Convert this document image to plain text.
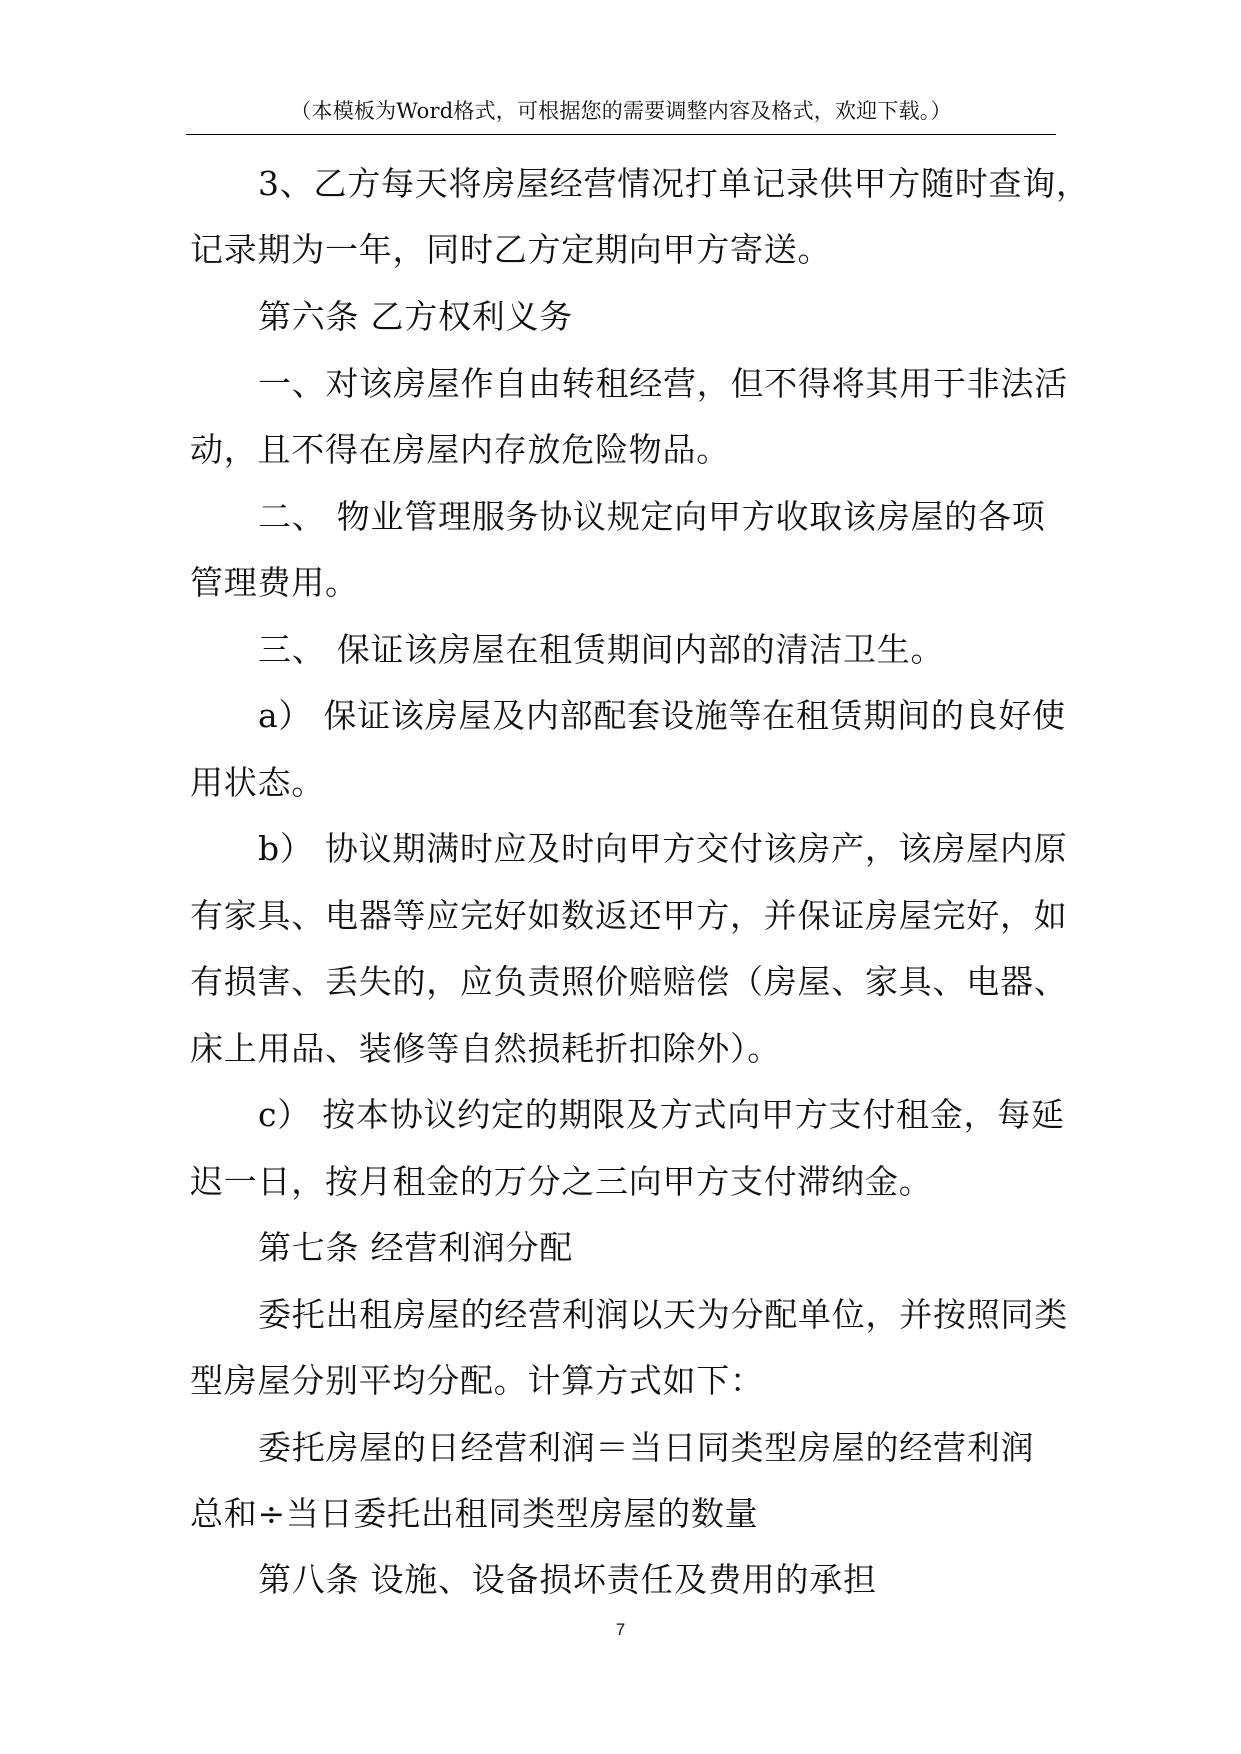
（本模板为Word格式，可根据您的需要调整内容及格式，欢迎下载。）
3、乙方每天将房屋经营情况打单记录供甲方随时查询，
记录期为一年，同时乙方定期向甲方寄送。
第六条 乙方权利义务
一、对该房屋作自由转租经营，但不得将其用于非法活
动，且不得在房屋内存放危险物品。
二、 物业管理服务协议规定向甲方收取该房屋的各项
管理费用。
三、 保证该房屋在租赁期间内部的清洁卫生。
a） 保证该房屋及内部配套设施等在租赁期间的良好使
用状态。
b） 协议期满时应及时向甲方交付该房产，该房屋内原
有家具、电器等应完好如数返还甲方，并保证房屋完好，如
有损害、丢失的，应负责照价赔赔偿（房屋、家具、电器、
床上用品、装修等自然损耗折扣除外）。
c） 按本协议约定的期限及方式向甲方支付租金，每延
迟一日，按月租金的万分之三向甲方支付滞纳金。
第七条 经营利润分配
委托出租房屋的经营利润以天为分配单位，并按照同类
型房屋分别平均分配。计算方式如下：
委托房屋的日经营利润＝当日同类型房屋的经营利润
总和÷当日委托出租同类型房屋的数量
第八条 设施、设备损坏责任及费用的承担
7
